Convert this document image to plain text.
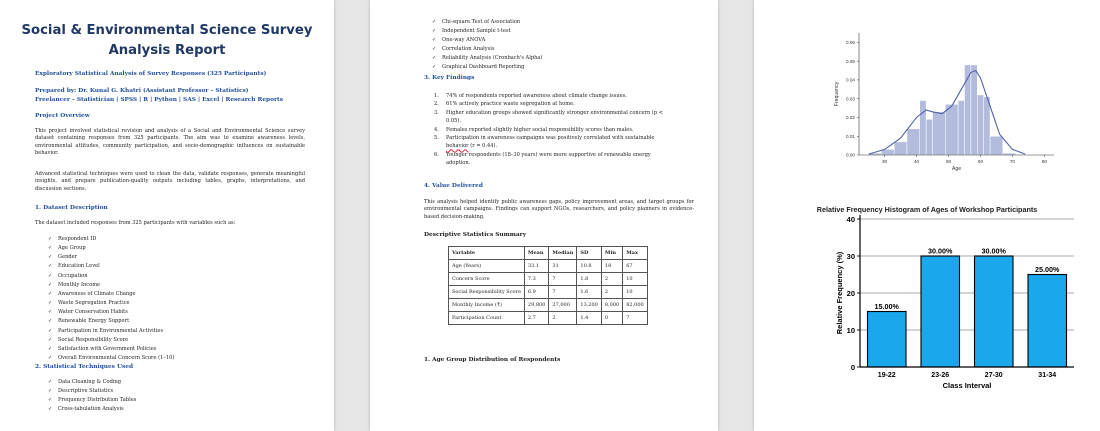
Social & Environmental Science Survey
Analysis Report
Exploratory Statistical Analysis of Survey Responses (325 Participants)
Prepared by: Dr. Kunal G. Khatri (Assistant Professor – Statistics)
Freelancer – Statistician | SPSS | R | Python | SAS | Excel | Research Reports
Project Overview
This project involved statistical revision and analysis of a Social and Environmental Science survey dataset containing responses from 325 participants. The aim was to examine awareness levels, environmental attitudes, community participation, and socio-demographic influences on sustainable behavior.
Advanced statistical techniques were used to clean the data, validate responses, generate meaningful insights, and prepare publication-quality outputs including tables, graphs, interpretations, and discussion sections.
1. Dataset Description
The dataset included responses from 325 participants with variables such as:
✓ Respondent ID
✓ Age Group
✓ Gender
✓ Education Level
✓ Occupation
✓ Monthly Income
✓ Awareness of Climate Change
✓ Waste Segregation Practice
✓ Water Conservation Habits
✓ Renewable Energy Support
✓ Participation in Environmental Activities
✓ Social Responsibility Score
✓ Satisfaction with Government Policies
✓ Overall Environmental Concern Score (1–10)
2. Statistical Techniques Used
✓ Data Cleaning & Coding
✓ Descriptive Statistics
✓ Frequency Distribution Tables
✓ Cross-tabulation Analysis
✓ Chi-square Test of Association
✓ Independent Sample t-test
✓ One-way ANOVA
✓ Correlation Analysis
✓ Reliability Analysis (Cronbach's Alpha)
✓ Graphical Dashboard Reporting
3. Key Findings
1. 74% of respondents reported awareness about climate change issues.
2. 61% actively practice waste segregation at home.
3. Higher education groups showed significantly stronger environmental concern (p <
0.05).
4. Females reported slightly higher social responsibility scores than males.
5. Participation in awareness campaigns was positively correlated with sustainable
behavior (r = 0.44).
6. Younger respondents (18–30 years) were more supportive of renewable energy
adoption.
4. Value Delivered
This analysis helped identify public awareness gaps, policy improvement areas, and target groups for environmental campaigns. Findings can support NGOs, researchers, and policy planners in evidence-based decision-making.
Descriptive Statistics Summary
Variable	Mean	Median	SD	Min	Max
Age (Years)	33.1	31	10.8	18	67
Concern Score	7.3	7	1.8	2	10
Social Responsibility Score	6.9	7	1.6	2	10
Monthly Income (₹)	29,800	27,000	13,200	8,000	82,000
Participation Count	2.7	2	1.4	0	7
1. Age Group Distribution of Respondents
0.00
0.01
0.02
0.03
0.04
0.05
0.06
30	40	50	60	70	80
Age
Frequency
Relative Frequency Histogram of Ages of Workshop Participants
0
10
20
30
40
15.00%
19-22
30.00%
23-26
30.00%
27-30
25.00%
31-34
Class Interval
Relative Frequency (%)
